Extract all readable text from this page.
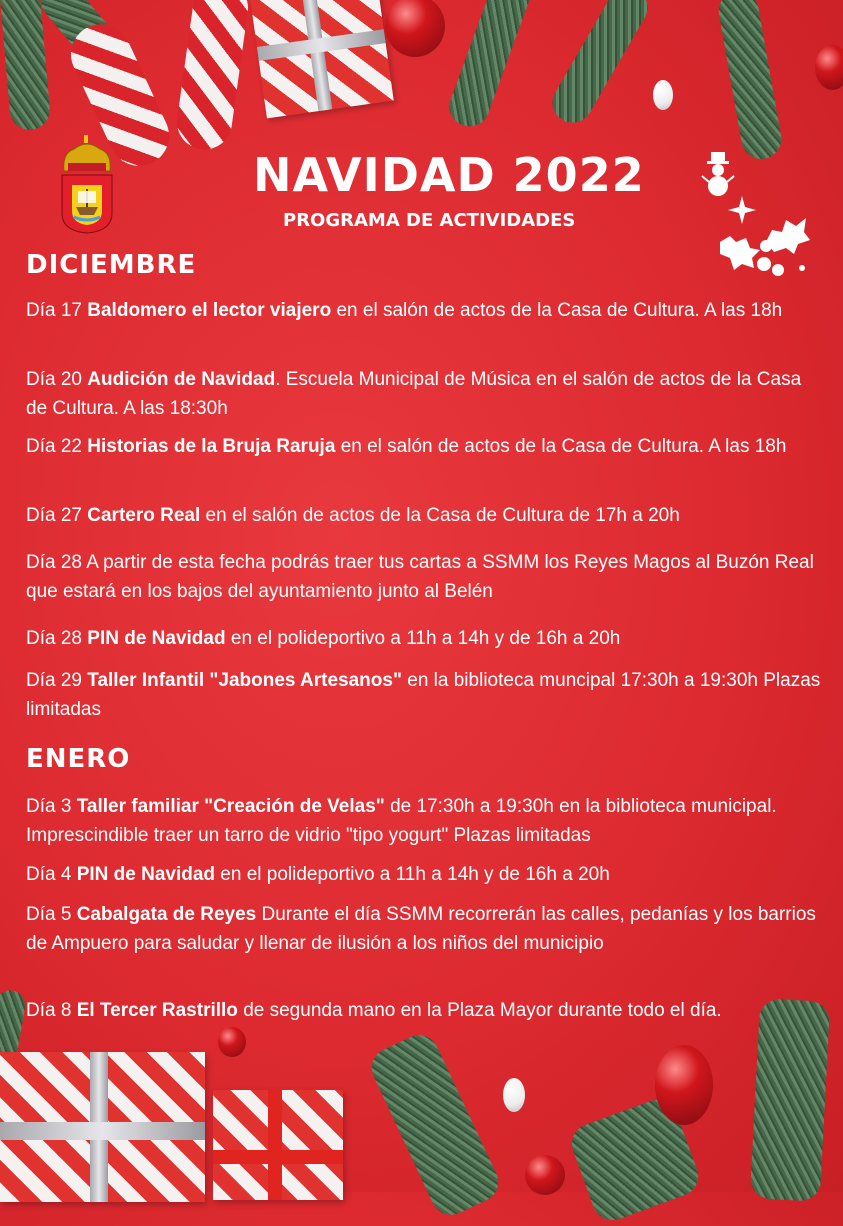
NAVIDAD 2022
PROGRAMA DE ACTIVIDADES
DICIEMBRE
Día 17 Baldomero el lector viajero en el salón de actos de la Casa de Cultura. A las 18h
Día 20 Audición de Navidad. Escuela Municipal de Música en el salón de actos de la Casa de Cultura. A las 18:30h
Día 22 Historias de la Bruja Raruja en el salón de actos de la Casa de Cultura. A las 18h
Día 27 Cartero Real en el salón de actos de la Casa de Cultura de 17h a 20h
Día 28 A partir de esta fecha podrás traer tus cartas a SSMM los Reyes Magos al Buzón Real que estará en los bajos del ayuntamiento junto al Belén
Día 28 PIN de Navidad en el polideportivo a 11h a 14h y de 16h a 20h
Día 29 Taller Infantil "Jabones Artesanos" en la biblioteca muncipal 17:30h a 19:30h Plazas limitadas
ENERO
Día 3 Taller familiar "Creación de Velas" de 17:30h a 19:30h en la biblioteca municipal. Imprescindible traer un tarro de vidrio "tipo yogurt" Plazas limitadas
Día 4 PIN de Navidad en el polideportivo a 11h a 14h y de 16h a 20h
Día 5 Cabalgata de Reyes Durante el día SSMM recorrerán las calles, pedanías y los barrios de Ampuero para saludar y llenar de ilusión a los niños del municipio
Día 8 El Tercer Rastrillo de segunda mano en la Plaza Mayor durante todo el día.
